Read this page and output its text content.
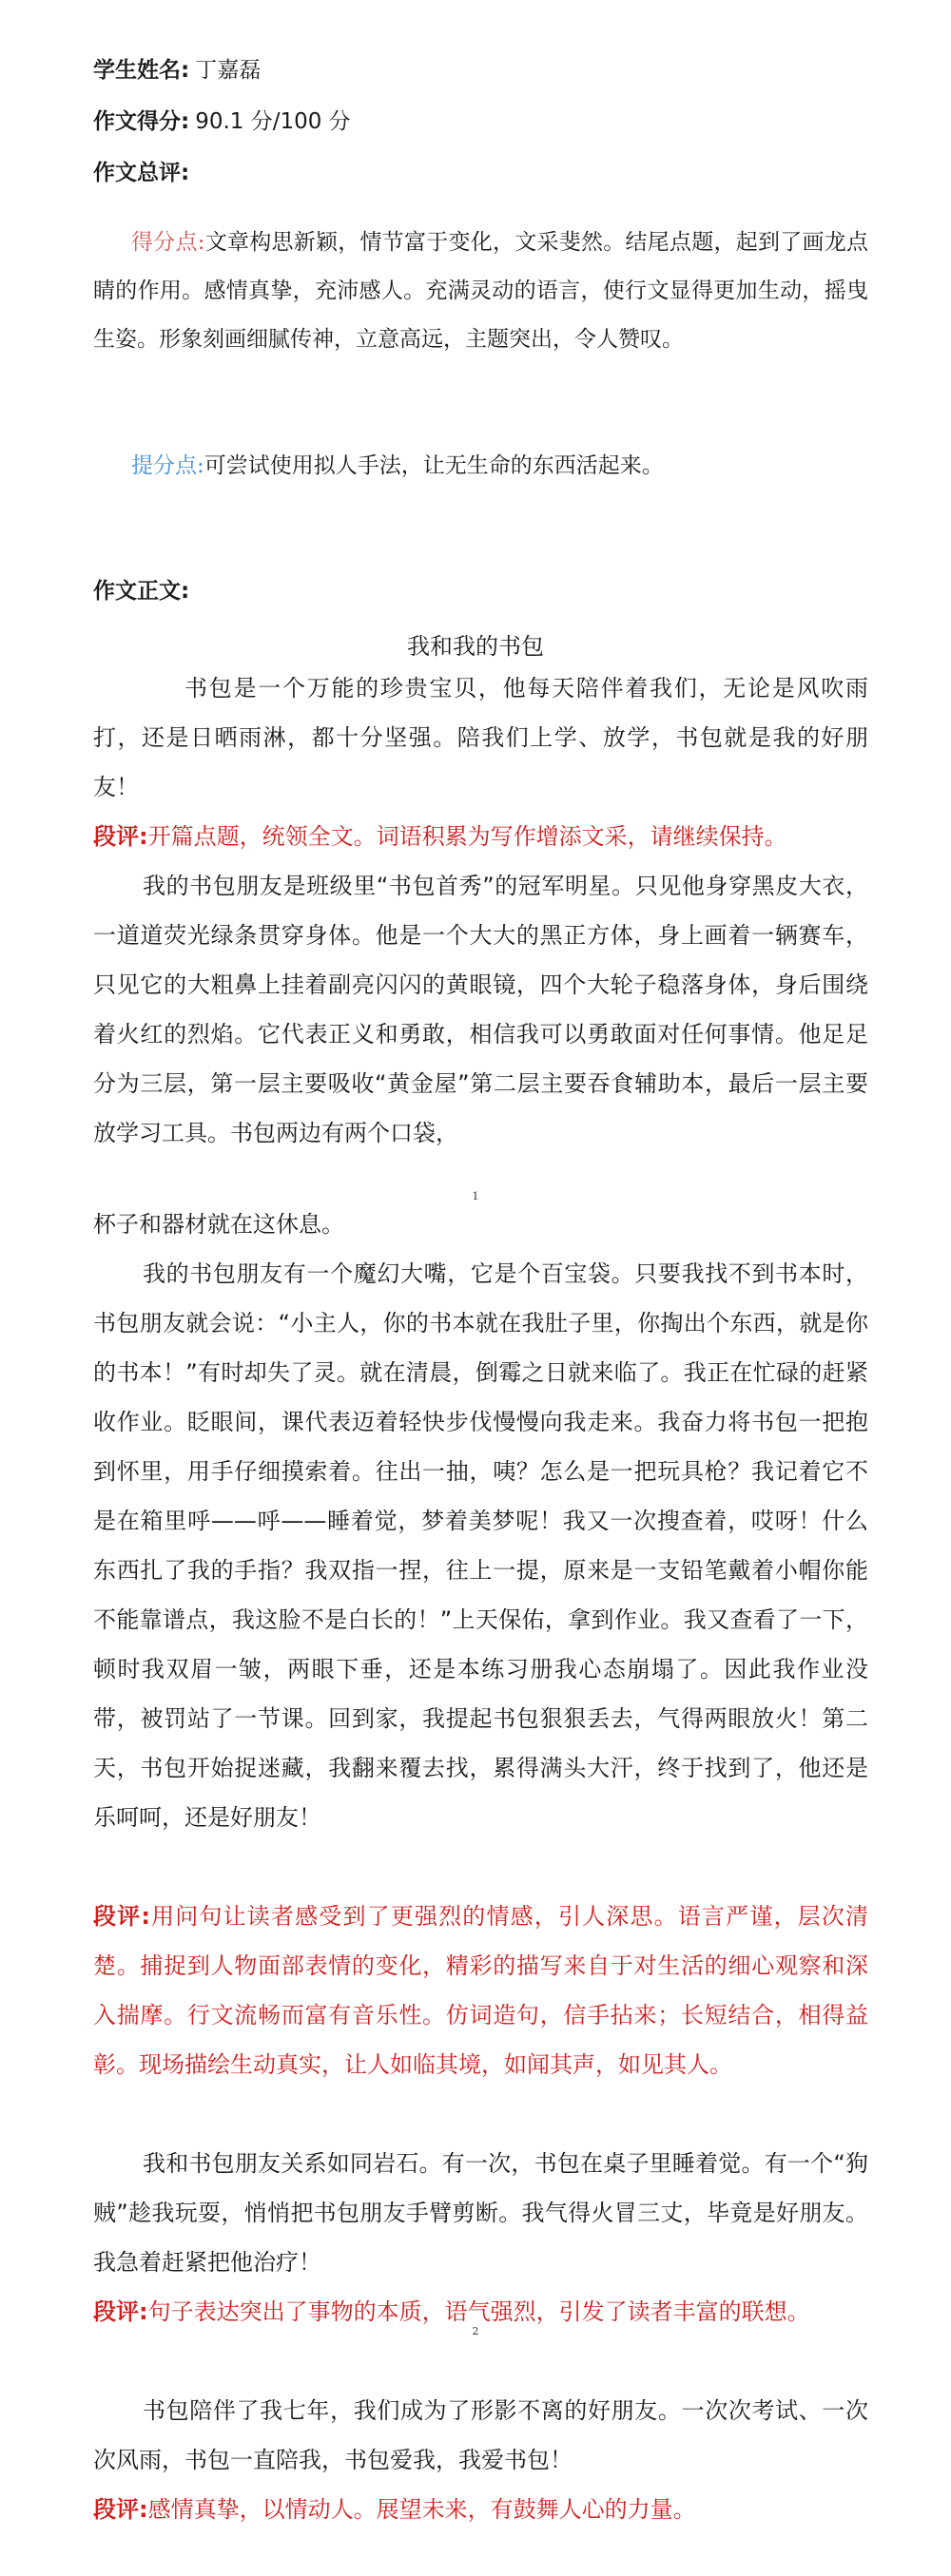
学生姓名: 丁嘉磊
作文得分: 90.1 分/100 分
作文总评:
得分点:文章构思新颖，情节富于变化，文采斐然。结尾点题，起到了画龙点睛的作用。感情真挚，充沛感人。充满灵动的语言，使行文显得更加生动，摇曳生姿。形象刻画细腻传神，立意高远，主题突出，令人赞叹。
提分点:可尝试使用拟人手法，让无生命的东西活起来。
作文正文:
我和我的书包

书包是一个万能的珍贵宝贝，他每天陪伴着我们，无论是风吹雨打，还是日晒雨淋，都十分坚强。陪我们上学、放学，书包就是我的好朋友！

段评:开篇点题，统领全文。词语积累为写作增添文采，请继续保持。

我的书包朋友是班级里“书包首秀”的冠军明星。只见他身穿黑皮大衣，一道道荧光绿条贯穿身体。他是一个大大的黑正方体，身上画着一辆赛车，只见它的大粗鼻上挂着副亮闪闪的黄眼镜，四个大轮子稳落身体，身后围绕着火红的烈焰。它代表正义和勇敢，相信我可以勇敢面对任何事情。他足足分为三层，第一层主要吸收“黄金屋”第二层主要吞食辅助本，最后一层主要放学习工具。书包两边有两个口袋，

1

杯子和器材就在这休息。

我的书包朋友有一个魔幻大嘴，它是个百宝袋。只要我找不到书本时，书包朋友就会说：“小主人，你的书本就在我肚子里，你掏出个东西，就是你的书本！”有时却失了灵。就在清晨，倒霉之日就来临了。我正在忙碌的赶紧收作业。眨眼间，课代表迈着轻快步伐慢慢向我走来。我奋力将书包一把抱到怀里，用手仔细摸索着。往出一抽，咦？怎么是一把玩具枪？我记着它不是在箱里呼——呼——睡着觉，梦着美梦呢！我又一次搜查着，哎呀！什么东西扎了我的手指？我双指一捏，往上一提，原来是一支铅笔戴着小帽你能不能靠谱点，我这脸不是白长的！”上天保佑，拿到作业。我又查看了一下，顿时我双眉一皱，两眼下垂，还是本练习册我心态崩塌了。因此我作业没带，被罚站了一节课。回到家，我提起书包狠狠丢去，气得两眼放火！第二天，书包开始捉迷藏，我翻来覆去找，累得满头大汗，终于找到了，他还是乐呵呵，还是好朋友！

段评:用问句让读者感受到了更强烈的情感，引人深思。语言严谨，层次清楚。捕捉到人物面部表情的变化，精彩的描写来自于对生活的细心观察和深入揣摩。行文流畅而富有音乐性。仿词造句，信手拈来；长短结合，相得益彰。现场描绘生动真实，让人如临其境，如闻其声，如见其人。

我和书包朋友关系如同岩石。有一次，书包在桌子里睡着觉。有一个“狗贼”趁我玩耍，悄悄把书包朋友手臂剪断。我气得火冒三丈，毕竟是好朋友。我急着赶紧把他治疗！

段评:句子表达突出了事物的本质，语气强烈，引发了读者丰富的联想。

2

书包陪伴了我七年，我们成为了形影不离的好朋友。一次次考试、一次次风雨，书包一直陪我，书包爱我，我爱书包！

段评:感情真挚，以情动人。展望未来，有鼓舞人心的力量。
